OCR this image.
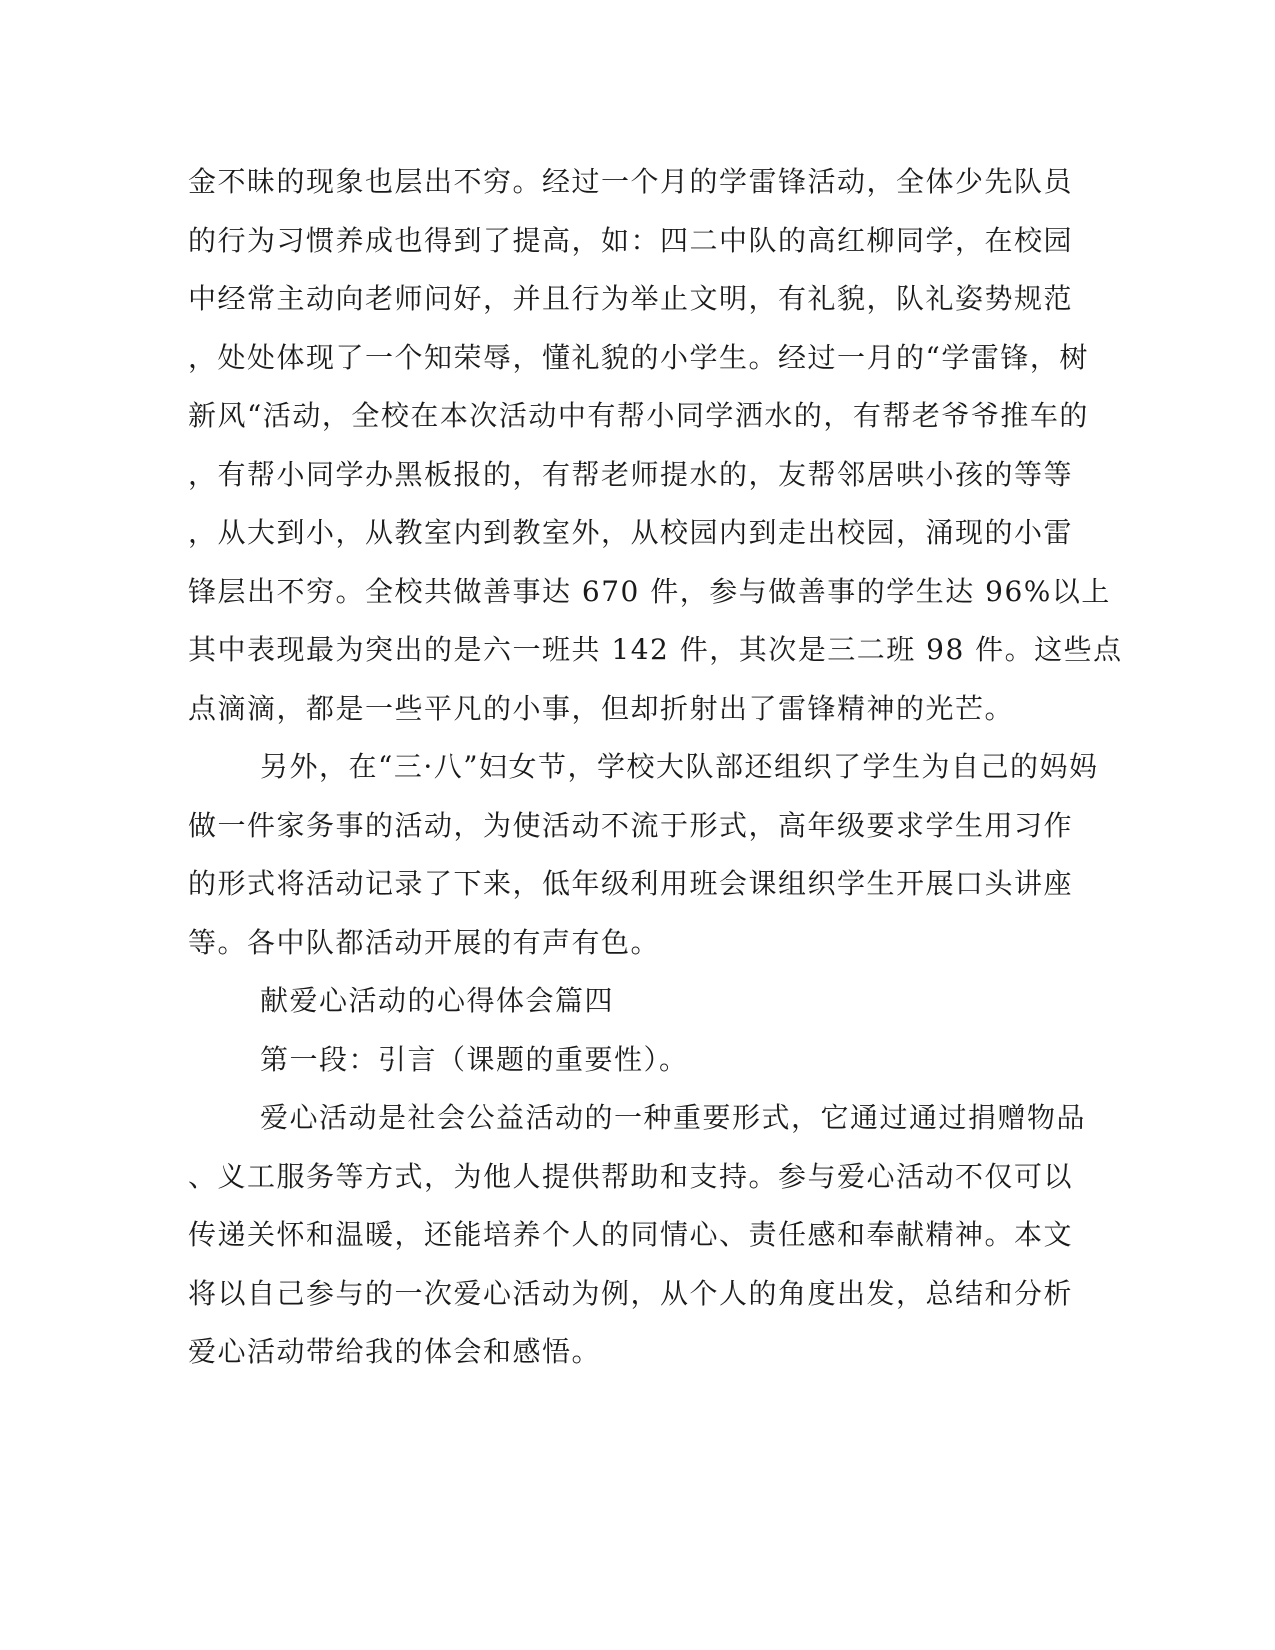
金不昧的现象也层出不穷。经过一个月的学雷锋活动，全体少先队员

的行为习惯养成也得到了提高，如：四二中队的高红柳同学，在校园

中经常主动向老师问好，并且行为举止文明，有礼貌，队礼姿势规范

，处处体现了一个知荣辱，懂礼貌的小学生。经过一月的“学雷锋，树

新风“活动，全校在本次活动中有帮小同学洒水的，有帮老爷爷推车的

，有帮小同学办黑板报的，有帮老师提水的，友帮邻居哄小孩的等等

，从大到小，从教室内到教室外，从校园内到走出校园，涌现的小雷

锋层出不穷。全校共做善事达 670 件，参与做善事的学生达 96%以上

其中表现最为突出的是六一班共 142 件，其次是三二班 98 件。这些点

点滴滴，都是一些平凡的小事，但却折射出了雷锋精神的光芒。

另外，在“三·八”妇女节，学校大队部还组织了学生为自己的妈妈

做一件家务事的活动，为使活动不流于形式，高年级要求学生用习作

的形式将活动记录了下来，低年级利用班会课组织学生开展口头讲座

等。各中队都活动开展的有声有色。

献爱心活动的心得体会篇四

第一段：引言（课题的重要性）。

爱心活动是社会公益活动的一种重要形式，它通过通过捐赠物品

、义工服务等方式，为他人提供帮助和支持。参与爱心活动不仅可以

传递关怀和温暖，还能培养个人的同情心、责任感和奉献精神。本文

将以自己参与的一次爱心活动为例，从个人的角度出发，总结和分析

爱心活动带给我的体会和感悟。
